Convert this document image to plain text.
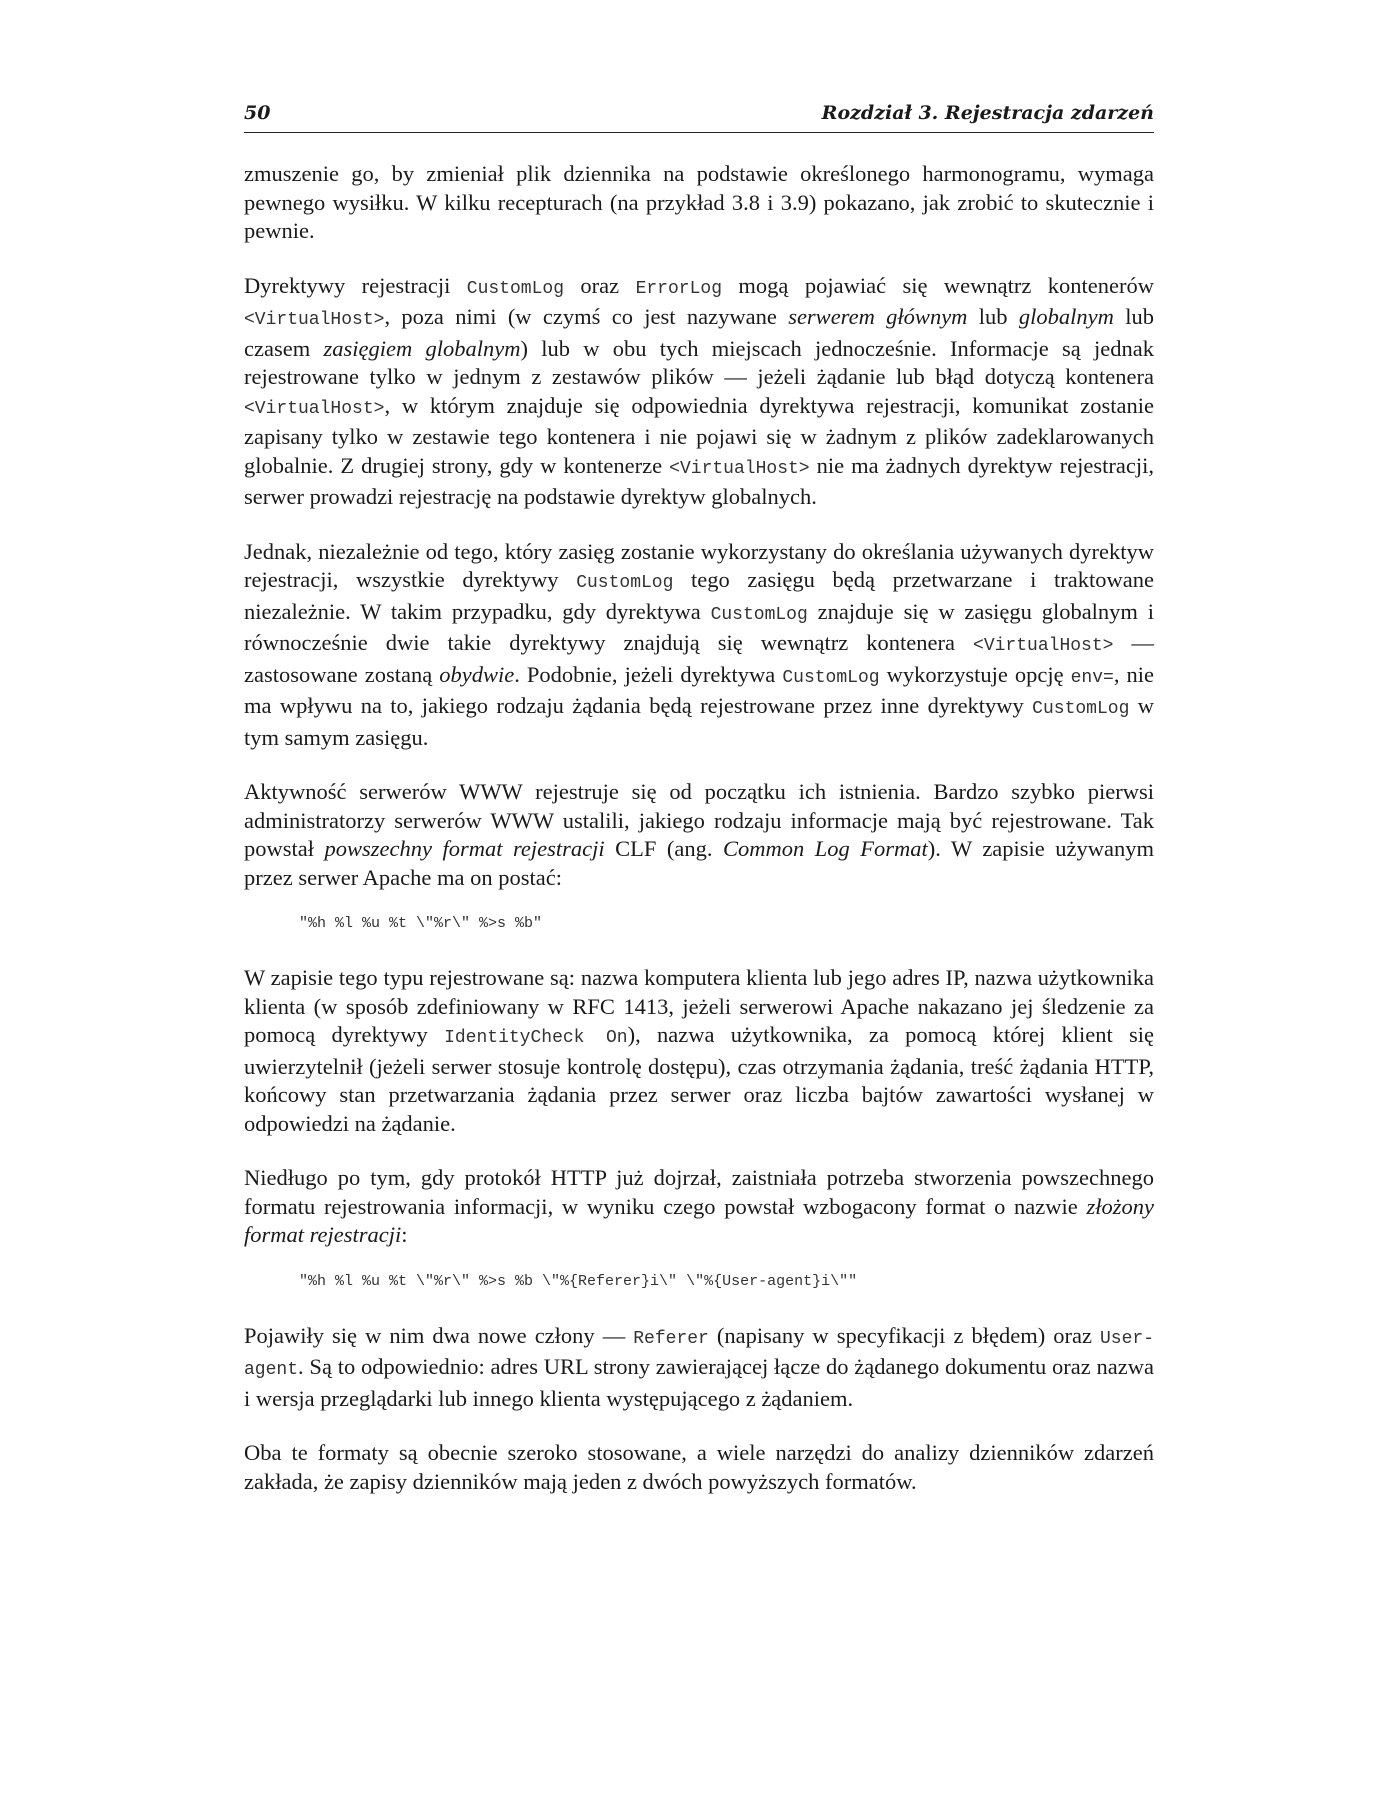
50	Rozdział 3. Rejestracja zdarzeń

zmuszenie go, by zmieniał plik dziennika na podstawie określonego harmonogramu, wymaga pewnego wysiłku. W kilku recepturach (na przykład 3.8 i 3.9) pokazano, jak zrobić to skutecznie i pewnie.

Dyrektywy rejestracji CustomLog oraz ErrorLog mogą pojawiać się wewnątrz kontenerów <VirtualHost>, poza nimi (w czymś co jest nazywane serwerem głównym lub globalnym lub czasem zasięgiem globalnym) lub w obu tych miejscach jednocześnie. Informacje są jednak rejestrowane tylko w jednym z zestawów plików — jeżeli żądanie lub błąd dotyczą kontenera <VirtualHost>, w którym znajduje się odpowiednia dyrektywa rejestracji, komunikat zostanie zapisany tylko w zestawie tego kontenera i nie pojawi się w żadnym z plików zadeklarowanych globalnie. Z drugiej strony, gdy w kontenerze <VirtualHost> nie ma żadnych dyrektyw rejestracji, serwer prowadzi rejestrację na podstawie dyrektyw globalnych.

Jednak, niezależnie od tego, który zasięg zostanie wykorzystany do określania używanych dyrektyw rejestracji, wszystkie dyrektywy CustomLog tego zasięgu będą przetwarzane i traktowane niezależnie. W takim przypadku, gdy dyrektywa CustomLog znajduje się w zasięgu globalnym i równocześnie dwie takie dyrektywy znajdują się wewnątrz kontenera <VirtualHost> — zastosowane zostaną obydwie. Podobnie, jeżeli dyrektywa CustomLog wykorzystuje opcję env=, nie ma wpływu na to, jakiego rodzaju żądania będą rejestrowane przez inne dyrektywy CustomLog w tym samym zasięgu.

Aktywność serwerów WWW rejestruje się od początku ich istnienia. Bardzo szybko pierwsi administratorzy serwerów WWW ustalili, jakiego rodzaju informacje mają być rejestrowane. Tak powstał powszechny format rejestracji CLF (ang. Common Log Format). W zapisie używanym przez serwer Apache ma on postać:

"%h %l %u %t \"%r\" %>s %b"

W zapisie tego typu rejestrowane są: nazwa komputera klienta lub jego adres IP, nazwa użytkownika klienta (w sposób zdefiniowany w RFC 1413, jeżeli serwerowi Apache nakazano jej śledzenie za pomocą dyrektywy IdentityCheck On), nazwa użytkownika, za pomocą której klient się uwierzytelnił (jeżeli serwer stosuje kontrolę dostępu), czas otrzymania żądania, treść żądania HTTP, końcowy stan przetwarzania żądania przez serwer oraz liczba bajtów zawartości wysłanej w odpowiedzi na żądanie.

Niedługo po tym, gdy protokół HTTP już dojrzał, zaistniała potrzeba stworzenia powszechnego formatu rejestrowania informacji, w wyniku czego powstał wzbogacony format o nazwie złożony format rejestracji:

"%h %l %u %t \"%r\" %>s %b \"%{Referer}i\" \"%{User-agent}i\""

Pojawiły się w nim dwa nowe człony — Referer (napisany w specyfikacji z błędem) oraz User-agent. Są to odpowiednio: adres URL strony zawierającej łącze do żądanego dokumentu oraz nazwa i wersja przeglądarki lub innego klienta występującego z żądaniem.

Oba te formaty są obecnie szeroko stosowane, a wiele narzędzi do analizy dzienników zdarzeń zakłada, że zapisy dzienników mają jeden z dwóch powyższych formatów.
